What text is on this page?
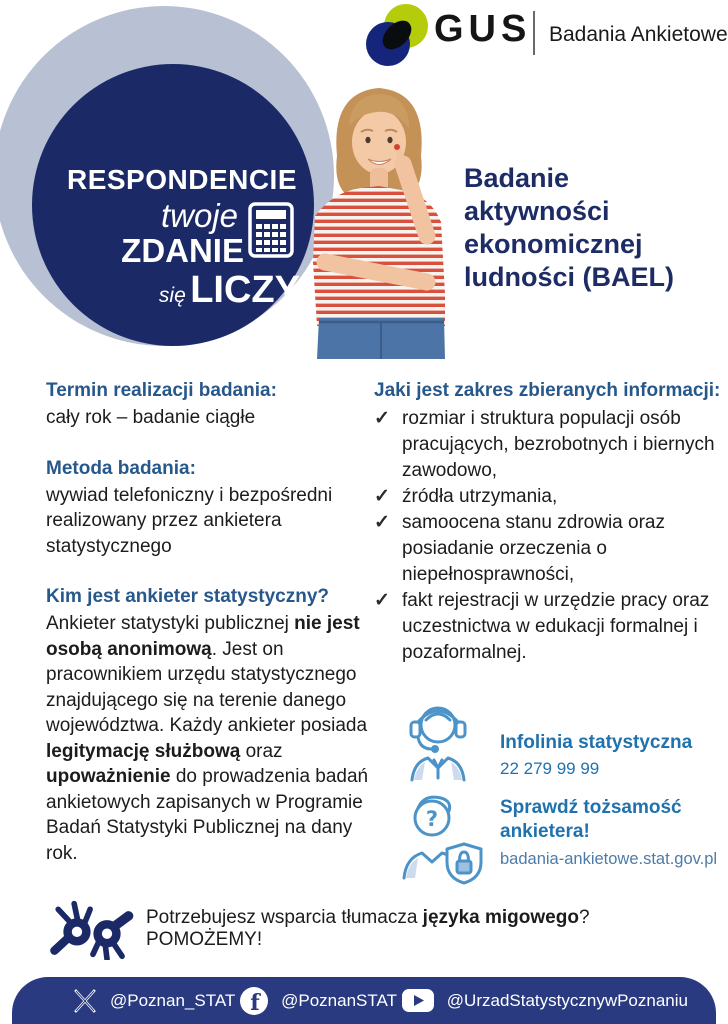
RESPONDENCIE
twoje
ZDANIE
się LICZY
GUS Badania Ankietowe
Badanie aktywności ekonomicznej ludności (BAEL)

Termin realizacji badania:

cały rok – badanie ciągłe

Metoda badania:

wywiad telefoniczny i bezpośredni realizowany przez ankietera statystycznego

Kim jest ankieter statystyczny?

Ankieter statystyki publicznej nie jest osobą anonimową. Jest on pracownikiem urzędu statystycznego znajdującego się na terenie danego województwa. Każdy ankieter posiada legitymację służbową oraz upoważnienie do prowadzenia badań ankietowych zapisanych w Programie Badań Statystyki Publicznej na dany rok.

Jaki jest zakres zbieranych informacji:

✓ rozmiar i struktura populacji osób pracujących, bezrobotnych i biernych zawodowo,
✓ źródła utrzymania,
✓ samoocena stanu zdrowia oraz posiadanie orzeczenia o niepełnosprawności,
✓ fakt rejestracji w urzędzie pracy oraz uczestnictwa w edukacji formalnej i pozaformalnej.
Infolinia statystyczna
22 279 99 99
?	Sprawdź tożsamość ankietera!
badania-ankietowe.stat.gov.pl
Potrzebujesz wsparcia tłumacza języka migowego? POMOŻEMY!
@Poznan_STAT f @PoznanSTAT	@UrzadStatystycznywPoznaniu
